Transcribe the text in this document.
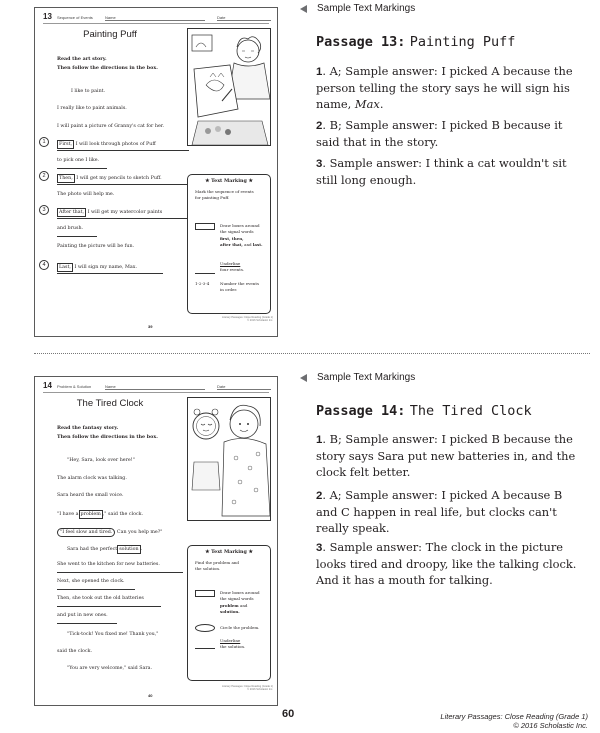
13 Sequence of Events	Name	Date
Painting Puff
Read the art story.
Then follow the directions in the box.
I like to paint.
I really like to paint animals.
I will paint a picture of Granny's cat for her.
1	First, I will look through photos of Puff
to pick one I like.
2	Then, I will get my pencils to sketch Puff.
The photo will help me.
3	After that, I will get my watercolor paints
and brush.
Painting the picture will be fun.
4	Last, I will sign my name, Max.
★ Text Marking ★
Mark the sequence of events
for painting Puff.
Draw boxes around
the signal words
first, then,
after that, and last.
Underline
four events.
1-2-3-4	Number the events
in order.
Literary Passages: Close Reading (Grade 1)
© 2016 Scholastic Inc.
39
Sample Text Markings
Passage 13: Painting Puff
1. A; Sample answer: I picked A because the person telling the story says he will sign his name, Max.
2. B; Sample answer: I picked B because it said that in the story.
3. Sample answer: I think a cat wouldn't sit still long enough.
14 Problem & Solution	Name	Date
The Tired Clock
Read the fantasy story.
Then follow the directions in the box.
"Hey, Sara, look over here!"
The alarm clock was talking.
Sara heard the small voice.
"I have a problem ," said the clock.
"I feel slow and tired. Can you help me?"
Sara had the perfect solution .
She went to the kitchen for new batteries.
Next, she opened the clock.
Then, she took out the old batteries
and put in new ones.
"Tick-tock! You fixed me! Thank you,"
said the clock.
"You are very welcome," said Sara.
★ Text Marking ★
Find the problem and
the solution.
Draw boxes around
the signal words
problem and
solution.
Circle the problem.
Underline
the solution.
Literary Passages: Close Reading (Grade 1)
© 2016 Scholastic Inc.
40
Sample Text Markings
Passage 14: The Tired Clock
1. B; Sample answer: I picked B because the story says Sara put new batteries in, and the clock felt better.
2. A; Sample answer: I picked A because B and C happen in real life, but clocks can't really speak.
3. Sample answer: The clock in the picture looks tired and droopy, like the talking clock. And it has a mouth for talking.
60	Literary Passages: Close Reading (Grade 1)
© 2016 Scholastic Inc.
